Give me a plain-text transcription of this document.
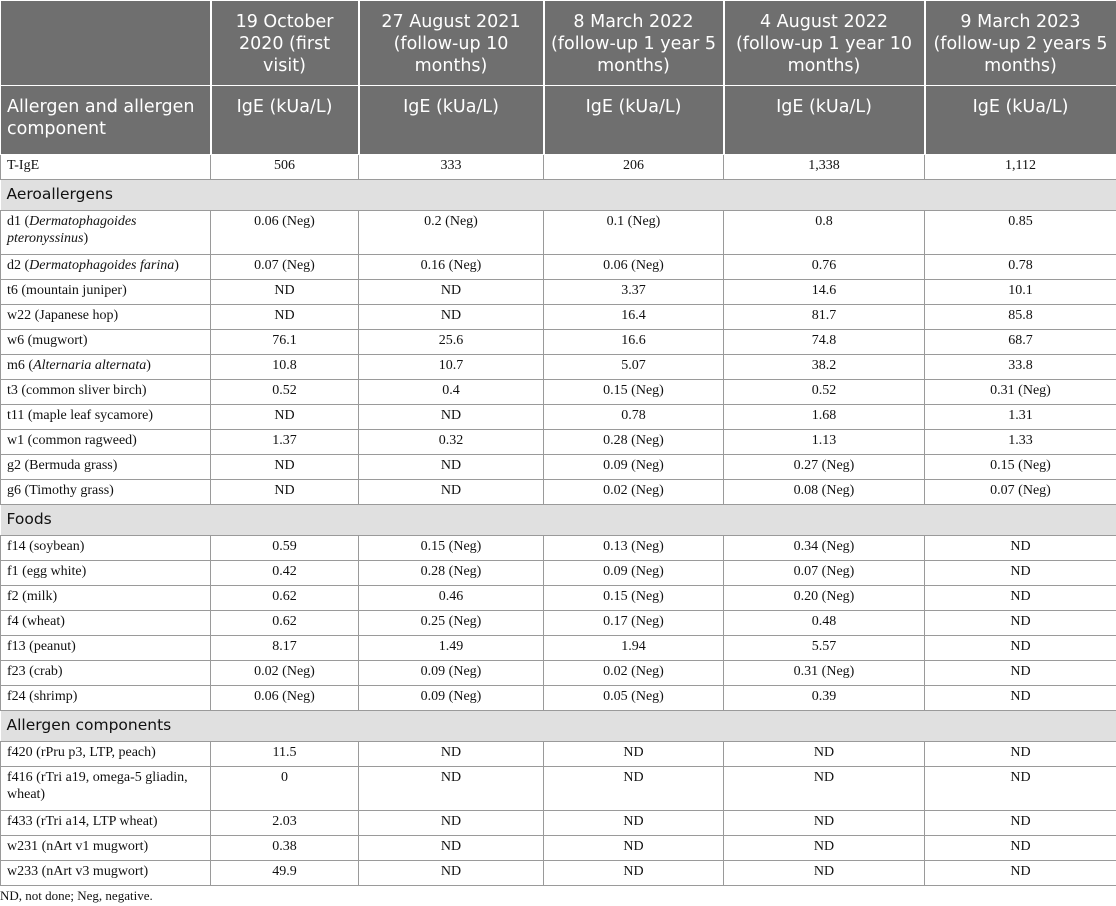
	19 October 2020 (first visit)	27 August 2021 (follow-up 10 months)	8 March 2022 (follow-up 1 year 5 months)	4 August 2022 (follow-up 1 year 10 months)	9 March 2023 (follow-up 2 years 5 months)
Allergen and allergen component	IgE (kUa/L)	IgE (kUa/L)	IgE (kUa/L)	IgE (kUa/L)	IgE (kUa/L)
T-IgE	506	333	206	1,338	1,112
Aeroallergens					
d1 (Dermatophagoides pteronyssinus)	0.06 (Neg)	0.2 (Neg)	0.1 (Neg)	0.8	0.85
d2 (Dermatophagoides farina)	0.07 (Neg)	0.16 (Neg)	0.06 (Neg)	0.76	0.78
t6 (mountain juniper)	ND	ND	3.37	14.6	10.1
w22 (Japanese hop)	ND	ND	16.4	81.7	85.8
w6 (mugwort)	76.1	25.6	16.6	74.8	68.7
m6 (Alternaria alternata)	10.8	10.7	5.07	38.2	33.8
t3 (common sliver birch)	0.52	0.4	0.15 (Neg)	0.52	0.31 (Neg)
t11 (maple leaf sycamore)	ND	ND	0.78	1.68	1.31
w1 (common ragweed)	1.37	0.32	0.28 (Neg)	1.13	1.33
g2 (Bermuda grass)	ND	ND	0.09 (Neg)	0.27 (Neg)	0.15 (Neg)
g6 (Timothy grass)	ND	ND	0.02 (Neg)	0.08 (Neg)	0.07 (Neg)
Foods					
f14 (soybean)	0.59	0.15 (Neg)	0.13 (Neg)	0.34 (Neg)	ND
f1 (egg white)	0.42	0.28 (Neg)	0.09 (Neg)	0.07 (Neg)	ND
f2 (milk)	0.62	0.46	0.15 (Neg)	0.20 (Neg)	ND
f4 (wheat)	0.62	0.25 (Neg)	0.17 (Neg)	0.48	ND
f13 (peanut)	8.17	1.49	1.94	5.57	ND
f23 (crab)	0.02 (Neg)	0.09 (Neg)	0.02 (Neg)	0.31 (Neg)	ND
f24 (shrimp)	0.06 (Neg)	0.09 (Neg)	0.05 (Neg)	0.39	ND
Allergen components					
f420 (rPru p3, LTP, peach)	11.5	ND	ND	ND	ND
f416 (rTri a19, omega-5 gliadin, wheat)	0	ND	ND	ND	ND
f433 (rTri a14, LTP wheat)	2.03	ND	ND	ND	ND
w231 (nArt v1 mugwort)	0.38	ND	ND	ND	ND
w233 (nArt v3 mugwort)	49.9	ND	ND	ND	ND
ND, not done; Neg, negative.
